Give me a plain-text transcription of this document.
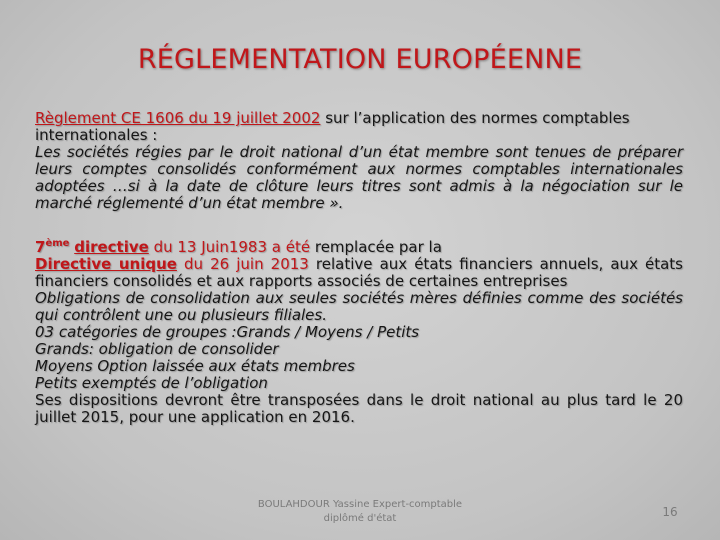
RÉGLEMENTATION EUROPÉENNE

Règlement CE 1606 du 19 juillet 2002 sur l’application des normes comptables
internationales :

Les sociétés régies par le droit national d’un état membre sont tenues de préparer leurs comptes consolidés conformément aux normes comptables internationales adoptées …si à la date de clôture leurs titres sont admis à la négociation sur le marché réglementé d’un état membre ».

7ème directive du 13 Juin1983 a été remplacée par la

Directive unique du 26 juin 2013 relative aux états financiers annuels, aux états financiers consolidés et aux rapports associés de certaines entreprises

Obligations de consolidation aux seules sociétés mères définies comme des sociétés qui contrôlent une ou plusieurs filiales.

03 catégories de groupes :Grands / Moyens / Petits

Grands: obligation de consolider

Moyens Option laissée aux états membres

Petits exemptés de l’obligation

Ses dispositions devront être transposées dans le droit national au plus tard le 20 juillet 2015, pour une application en 2016.

BOULAHDOUR Yassine Expert-comptable
diplômé d'état	16
